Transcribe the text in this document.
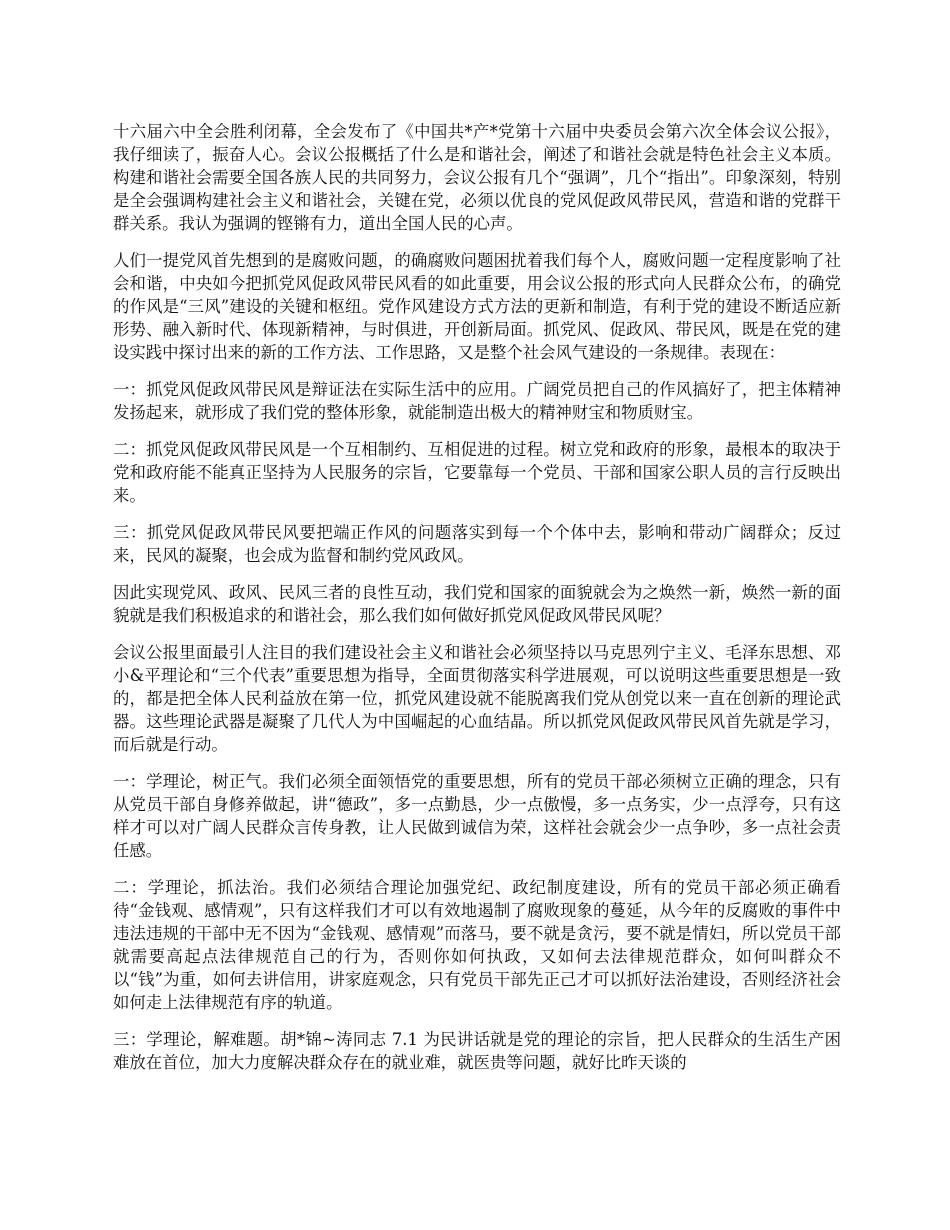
十六届六中全会胜利闭幕，全会发布了《中国共*产*党第十六届中央委员会第六次全体会议公报》，我仔细读了，振奋人心。会议公报概括了什么是和谐社会，阐述了和谐社会就是特色社会主义本质。构建和谐社会需要全国各族人民的共同努力，会议公报有几个“强调”，几个“指出”。印象深刻，特别是全会强调构建社会主义和谐社会，关键在党，必须以优良的党风促政风带民风，营造和谐的党群干群关系。我认为强调的铿锵有力，道出全国人民的心声。

人们一提党风首先想到的是腐败问题，的确腐败问题困扰着我们每个人，腐败问题一定程度影响了社会和谐，中央如今把抓党风促政风带民风看的如此重要，用会议公报的形式向人民群众公布，的确党的作风是“三风”建设的关键和枢纽。党作风建设方式方法的更新和制造，有利于党的建设不断适应新形势、融入新时代、体现新精神，与时俱进，开创新局面。抓党风、促政风、带民风，既是在党的建设实践中探讨出来的新的工作方法、工作思路，又是整个社会风气建设的一条规律。表现在：

一：抓党风促政风带民风是辩证法在实际生活中的应用。广阔党员把自己的作风搞好了，把主体精神发扬起来，就形成了我们党的整体形象，就能制造出极大的精神财宝和物质财宝。

二：抓党风促政风带民风是一个互相制约、互相促进的过程。树立党和政府的形象，最根本的取决于党和政府能不能真正坚持为人民服务的宗旨，它要靠每一个党员、干部和国家公职人员的言行反映出来。

三：抓党风促政风带民风要把端正作风的问题落实到每一个个体中去，影响和带动广阔群众；反过来，民风的凝聚，也会成为监督和制约党风政风。

因此实现党风、政风、民风三者的良性互动，我们党和国家的面貌就会为之焕然一新，焕然一新的面貌就是我们积极追求的和谐社会，那么我们如何做好抓党风促政风带民风呢？

会议公报里面最引人注目的我们建设社会主义和谐社会必须坚持以马克思列宁主义、毛泽东思想、邓小&平理论和“三个代表”重要思想为指导，全面贯彻落实科学进展观，可以说明这些重要思想是一致的，都是把全体人民利益放在第一位，抓党风建设就不能脱离我们党从创党以来一直在创新的理论武器。这些理论武器是凝聚了几代人为中国崛起的心血结晶。所以抓党风促政风带民风首先就是学习，而后就是行动。

一：学理论，树正气。我们必须全面领悟党的重要思想，所有的党员干部必须树立正确的理念，只有从党员干部自身修养做起，讲“德政”，多一点勤恳，少一点傲慢，多一点务实，少一点浮夸，只有这样才可以对广阔人民群众言传身教，让人民做到诚信为荣，这样社会就会少一点争吵，多一点社会责任感。

二：学理论，抓法治。我们必须结合理论加强党纪、政纪制度建设，所有的党员干部必须正确看待“金钱观、感情观”，只有这样我们才可以有效地遏制了腐败现象的蔓延，从今年的反腐败的事件中违法违规的干部中无不因为“金钱观、感情观”而落马，要不就是贪污，要不就是情妇，所以党员干部就需要高起点法律规范自己的行为，否则你如何执政，又如何去法律规范群众，如何叫群众不以“钱”为重，如何去讲信用，讲家庭观念，只有党员干部先正己才可以抓好法治建设，否则经济社会如何走上法律规范有序的轨道。

三：学理论，解难题。胡*锦~涛同志 7.1 为民讲话就是党的理论的宗旨，把人民群众的生活生产困难放在首位，加大力度解决群众存在的就业难，就医贵等问题，就好比昨天谈的
